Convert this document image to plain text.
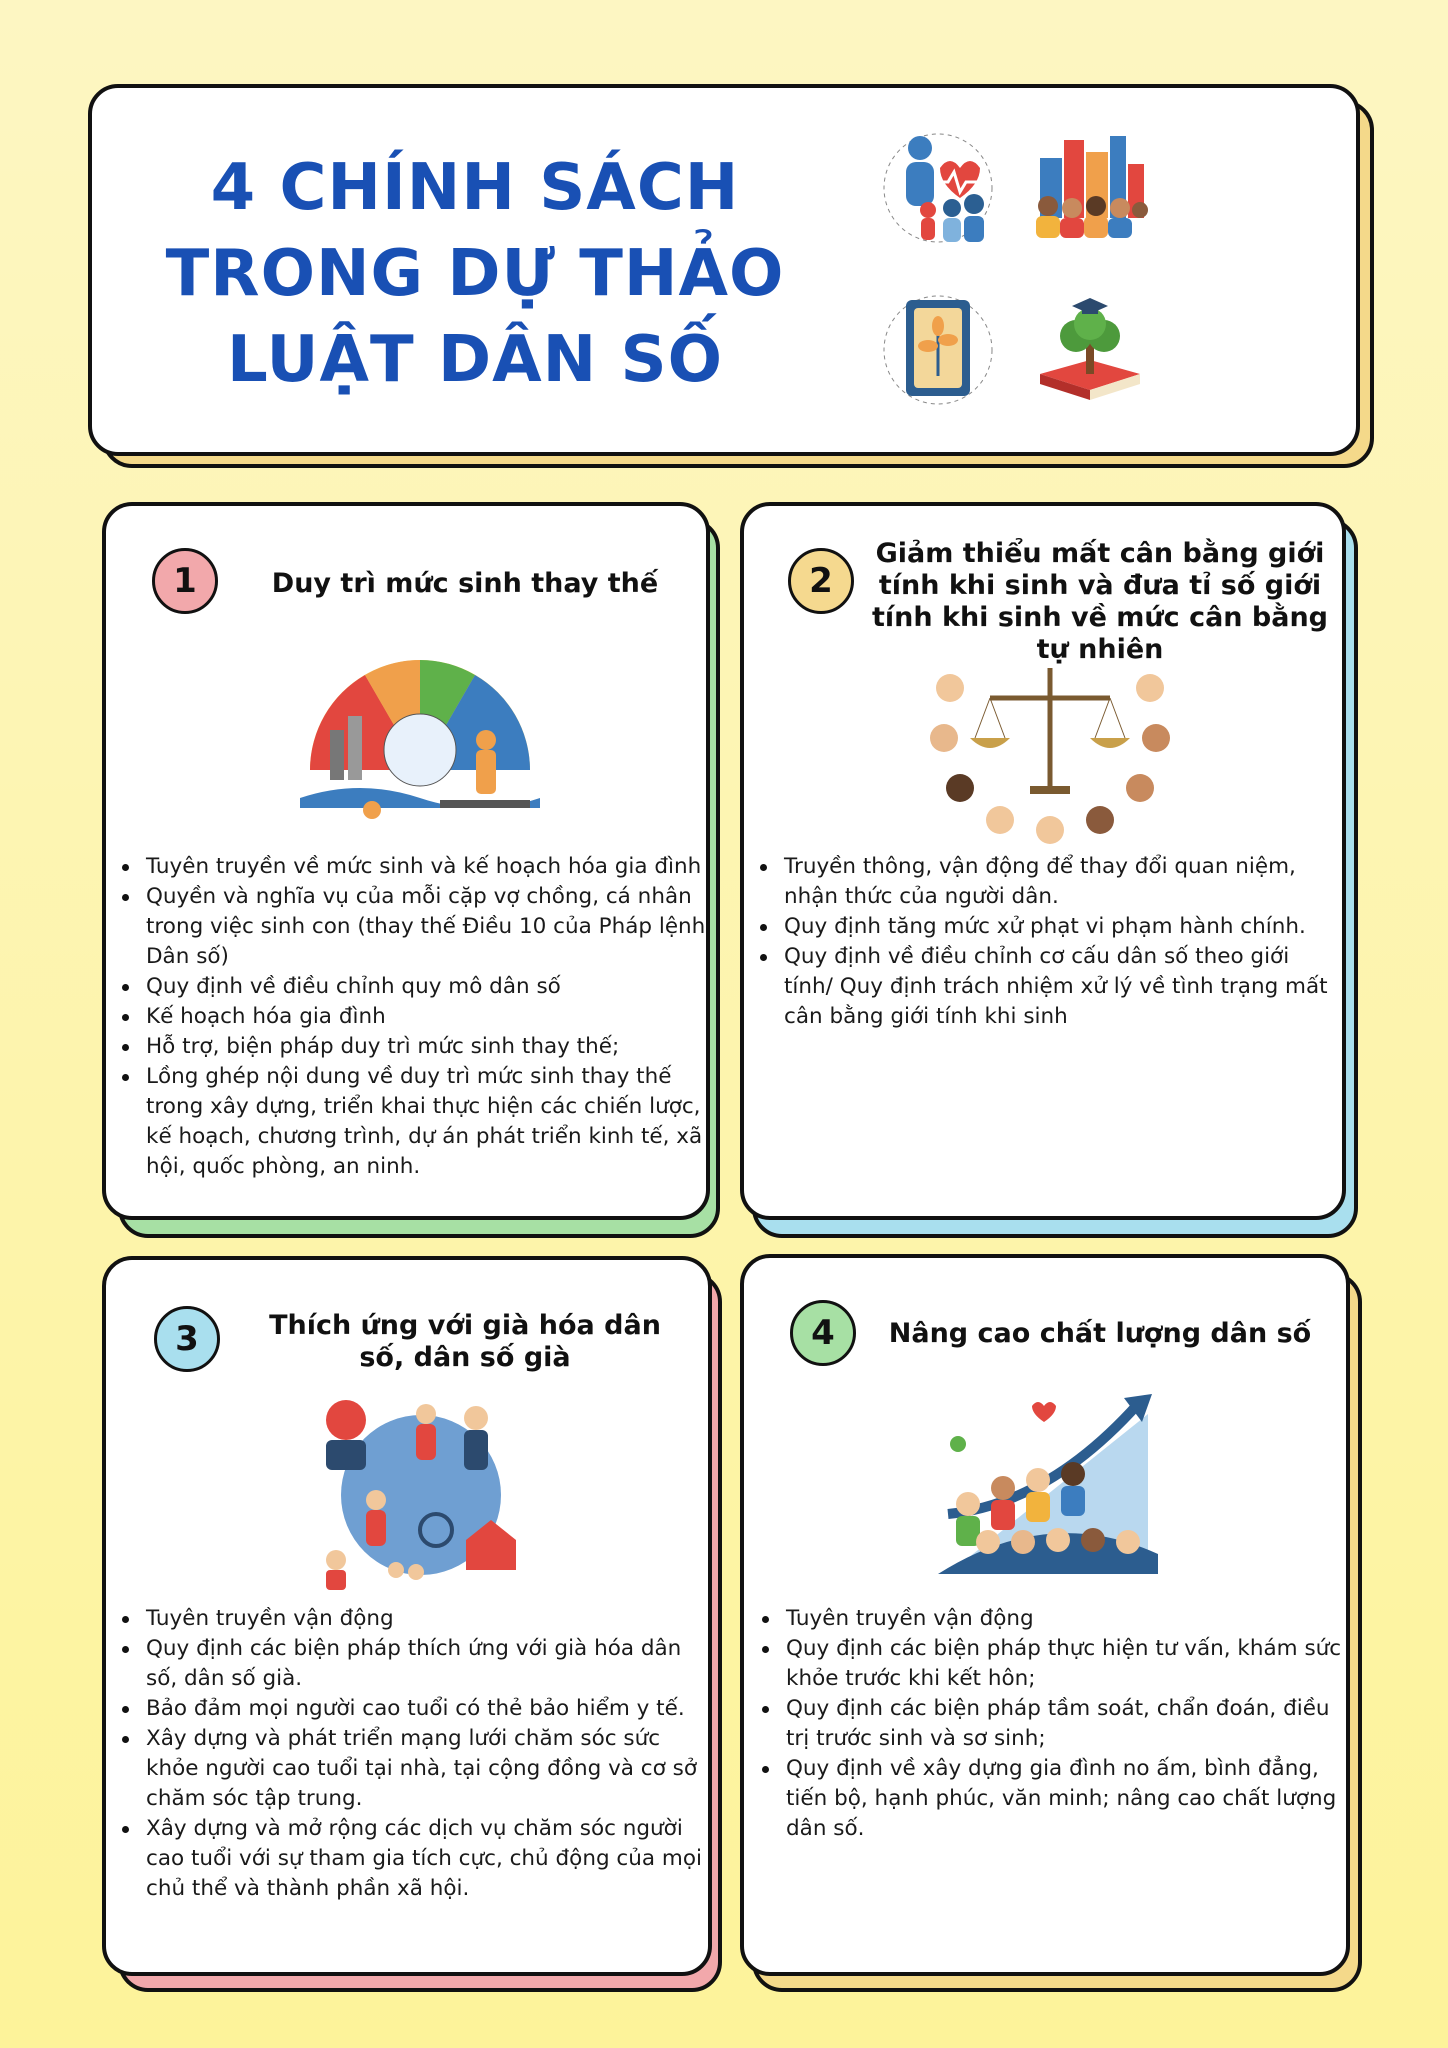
4 CHÍNH SÁCH
TRONG DỰ THẢO
LUẬT DÂN SỐ
1	Duy trì mức sinh thay thế
Tuyên truyền về mức sinh và kế hoạch hóa gia đình
Quyền và nghĩa vụ của mỗi cặp vợ chồng, cá nhân trong việc sinh con (thay thế Điều 10 của Pháp lệnh Dân số)
Quy định về điều chỉnh quy mô dân số
Kế hoạch hóa gia đình
Hỗ trợ, biện pháp duy trì mức sinh thay thế;
Lồng ghép nội dung về duy trì mức sinh thay thế trong xây dựng, triển khai thực hiện các chiến lược, kế hoạch, chương trình, dự án phát triển kinh tế, xã hội, quốc phòng, an ninh.
2
Giảm thiểu mất cân bằng giới tính khi sinh và đưa tỉ số giới tính khi sinh về mức cân bằng tự nhiên
Truyền thông, vận động để thay đổi quan niệm, nhận thức của người dân.
Quy định tăng mức xử phạt vi phạm hành chính.
Quy định về điều chỉnh cơ cấu dân số theo giới tính/ Quy định trách nhiệm xử lý về tình trạng mất cân bằng giới tính khi sinh
3	Thích ứng với già hóa dân số, dân số già
Tuyên truyền vận động
Quy định các biện pháp thích ứng với già hóa dân số, dân số già.
Bảo đảm mọi người cao tuổi có thẻ bảo hiểm y tế.
Xây dựng và phát triển mạng lưới chăm sóc sức khỏe người cao tuổi tại nhà, tại cộng đồng và cơ sở chăm sóc tập trung.
Xây dựng và mở rộng các dịch vụ chăm sóc người cao tuổi với sự tham gia tích cực, chủ động của mọi chủ thể và thành phần xã hội.
4	Nâng cao chất lượng dân số
Tuyên truyền vận động
Quy định các biện pháp thực hiện tư vấn, khám sức khỏe trước khi kết hôn;
Quy định các biện pháp tầm soát, chẩn đoán, điều trị trước sinh và sơ sinh;
Quy định về xây dựng gia đình no ấm, bình đẳng, tiến bộ, hạnh phúc, văn minh; nâng cao chất lượng dân số.
